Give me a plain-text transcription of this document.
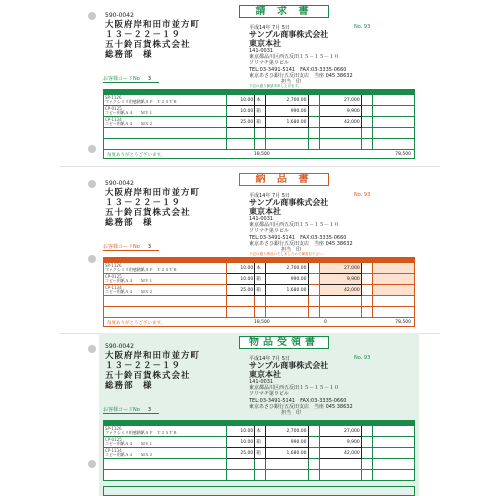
請 求 書
平成14年 7月 5日	No. 93
590-0042
大阪府岸和田市並方町
１３－２２－１９
五十鈴百貨株式会社
総務部　様
サンプル商事株式会社
東京本社
141-0031
東京都品川区西五反田１５－１５－１０
ソリマチ第９ビル
TEL:03-3491-5141　FAX:03-3335-0660
東京あさひ銀行五反田支店　当座 045 38632
担当　印
下記の通り御請求申し上げます。
お客様コードNo 3

SP-1126
ファクシミリ用感熱紙ＳＰ　Ｔ２５ＴＢ	10.00	本	2,700.00		27,000		

CP-0125
コピー用紙Ａ４　　ＭＶ１	10.00	箱	990.00		9,900		

CP-1134
コピー用紙Ａ４　　ＭＸ２	25.00	箱	1,680.00		42,000		

毎度ありがとうございます。	18,500	78,500
納 品 書
平成14年 7月 5日	No. 93
590-0042
大阪府岸和田市並方町
１３－２２－１９
五十鈴百貨株式会社
総務部　様
サンプル商事株式会社
東京本社
141-0031
東京都品川区西五反田１５－１５－１０
ソリマチ第９ビル
TEL:03-3491-5141　FAX:03-3335-0660
東京あさひ銀行五反田支店　当座 045 38632
担当　印
下記の通り納品いたしましたので御査収下さい。
お客様コードNo 3

SP-1126
ファクシミリ用感熱紙ＳＰ　Ｔ２５ＴＢ	10.00	本	2,700.00		27,000		

CP-0125
コピー用紙Ａ４　　ＭＶ１	10.00	箱	990.00		9,900		

CP-1134
コピー用紙Ａ４　　ＭＸ２	25.00	箱	1,680.00		42,000		

毎度ありがとうございます。	18,500	0	78,500
物品受領書
平成14年 7月 5日	No. 93
590-0042
大阪府岸和田市並方町
１３－２２－１９
五十鈴百貨株式会社
総務部　様
サンプル商事株式会社
東京本社
141-0031
東京都品川区西五反田１５－１５－１０
ソリマチ第９ビル
TEL:03-3491-5141　FAX:03-3335-0660
東京あさひ銀行五反田支店　当座 045 38632
担当　印
お客様コードNo 3

SP-1126
ファクシミリ用感熱紙ＳＰ　Ｔ２５ＴＢ	10.00	本	2,700.00		27,000		

CP-0125
コピー用紙Ａ４　　ＭＶ１	10.00	箱	990.00		9,900		

CP-1134
コピー用紙Ａ４　　ＭＸ２	25.00	箱	1,680.00		42,000		
